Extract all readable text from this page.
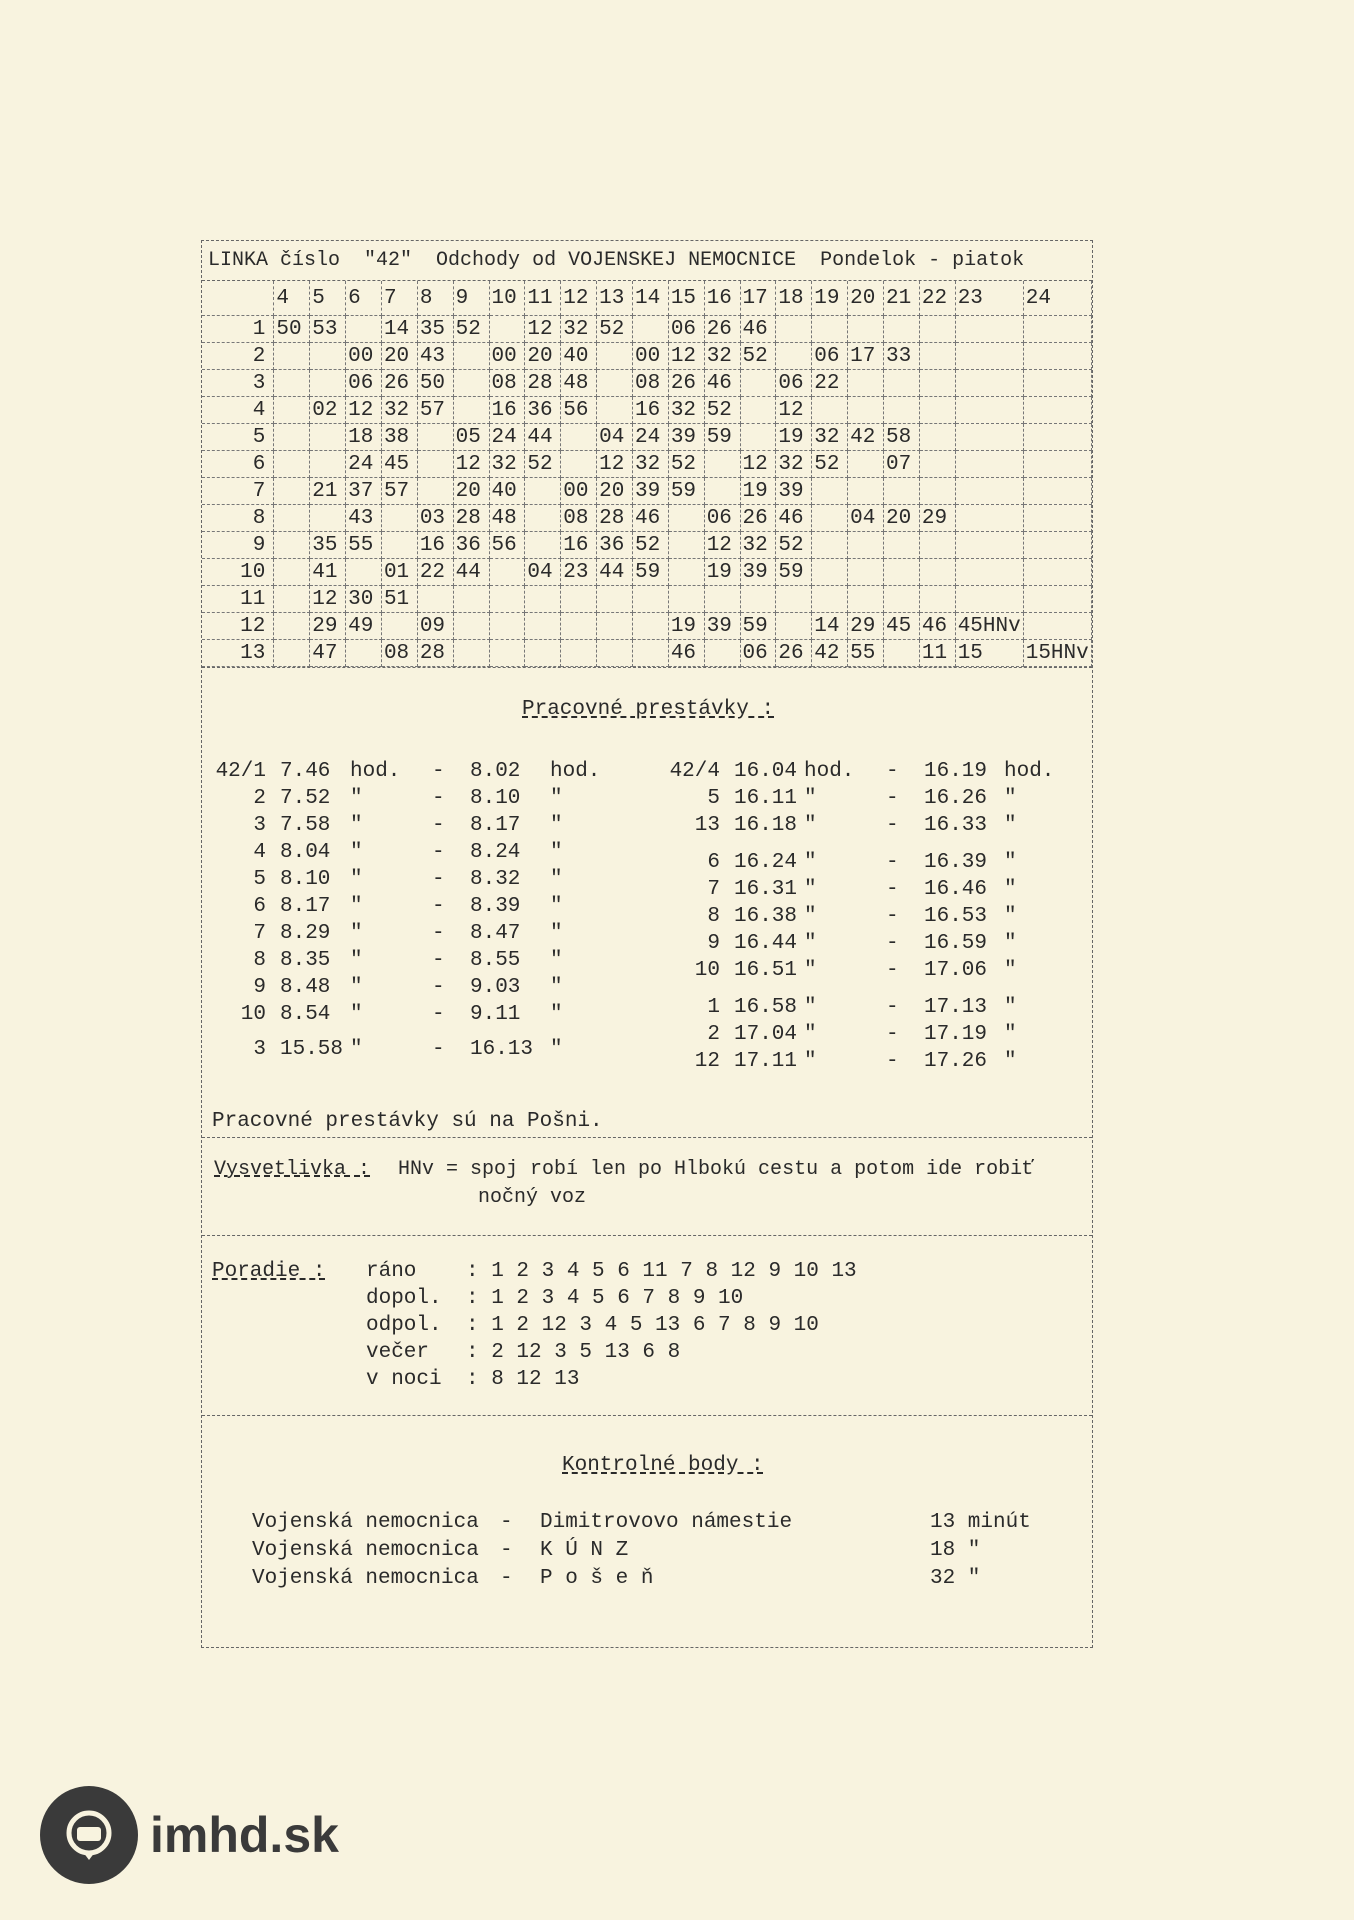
LINKA číslo "42" Odchody od VOJENSKEJ NEMOCNICE Pondelok - piatok
	4	5	6	7	8	9	10	11	12	13	14	15	16	17	18	19	20	21	22	23	24
1	50	53		14	35	52		12	32	52		06	26	46							
2			00	20	43		00	20	40		00	12	32	52		06	17	33			
3			06	26	50		08	28	48		08	26	46		06	22					
4		02	12	32	57		16	36	56		16	32	52		12						
5			18	38		05	24	44		04	24	39	59		19	32	42	58			
6			24	45		12	32	52		12	32	52		12	32	52		07			
7		21	37	57		20	40		00	20	39	59		19	39						
8			43		03	28	48		08	28	46		06	26	46		04	20	29		
9		35	55		16	36	56		16	36	52		12	32	52						
10		41		01	22	44		04	23	44	59		19	39	59						
11		12	30	51																	
12		29	49		09							19	39	59		14	29	45	46	45HNv	
13		47		08	28							46		06	26	42	55		11	15	15HNv
Pracovné prestávky :
42/1 7.46 hod.	-	8.02	hod.
2 7.52 "	-	8.10	"
3 7.58 "	-	8.17	"
4 8.04 "	-	8.24	"
5 8.10 "	-	8.32	"
6 8.17 "	-	8.39	"
7 8.29 "	-	8.47	"
8 8.35 "	-	8.55	"
9 8.48 "	-	9.03	"
10 8.54 "	-	9.11	"
3 15.58 "	-	16.13 "
42/4 16.04 hod.	-	16.19 hod.
5 16.11 "	-	16.26 "
13 16.18 "	-	16.33 "
6 16.24 "	-	16.39 "
7 16.31 "	-	16.46 "
8 16.38 "	-	16.53 "
9 16.44 "	-	16.59 "
10 16.51 "	-	17.06 "
1 16.58 "	-	17.13 "
2 17.04 "	-	17.19 "
12 17.11 "	-	17.26 "
Pracovné prestávky sú na Pošni.
Vysvetlivka : HNv = spoj robí len po Hlbokú cestu a potom ide robiť
nočný voz
Poradie : ráno	: 1 2 3 4 5 6 11 7 8 12 9 10 13
dopol.	: 1 2 3 4 5 6 7 8 9 10
odpol.	: 1 2 12 3 4 5 13 6 7 8 9 10
večer	: 2 12 3 5 13 6 8
v noci	: 8 12 13
Kontrolné body :
Vojenská nemocnica	-	Dimitrovovo námestie	13 minút
Vojenská nemocnica	-	K Ú N Z	18 "
Vojenská nemocnica	-	P o š e ň	32 "
imhd.sk
